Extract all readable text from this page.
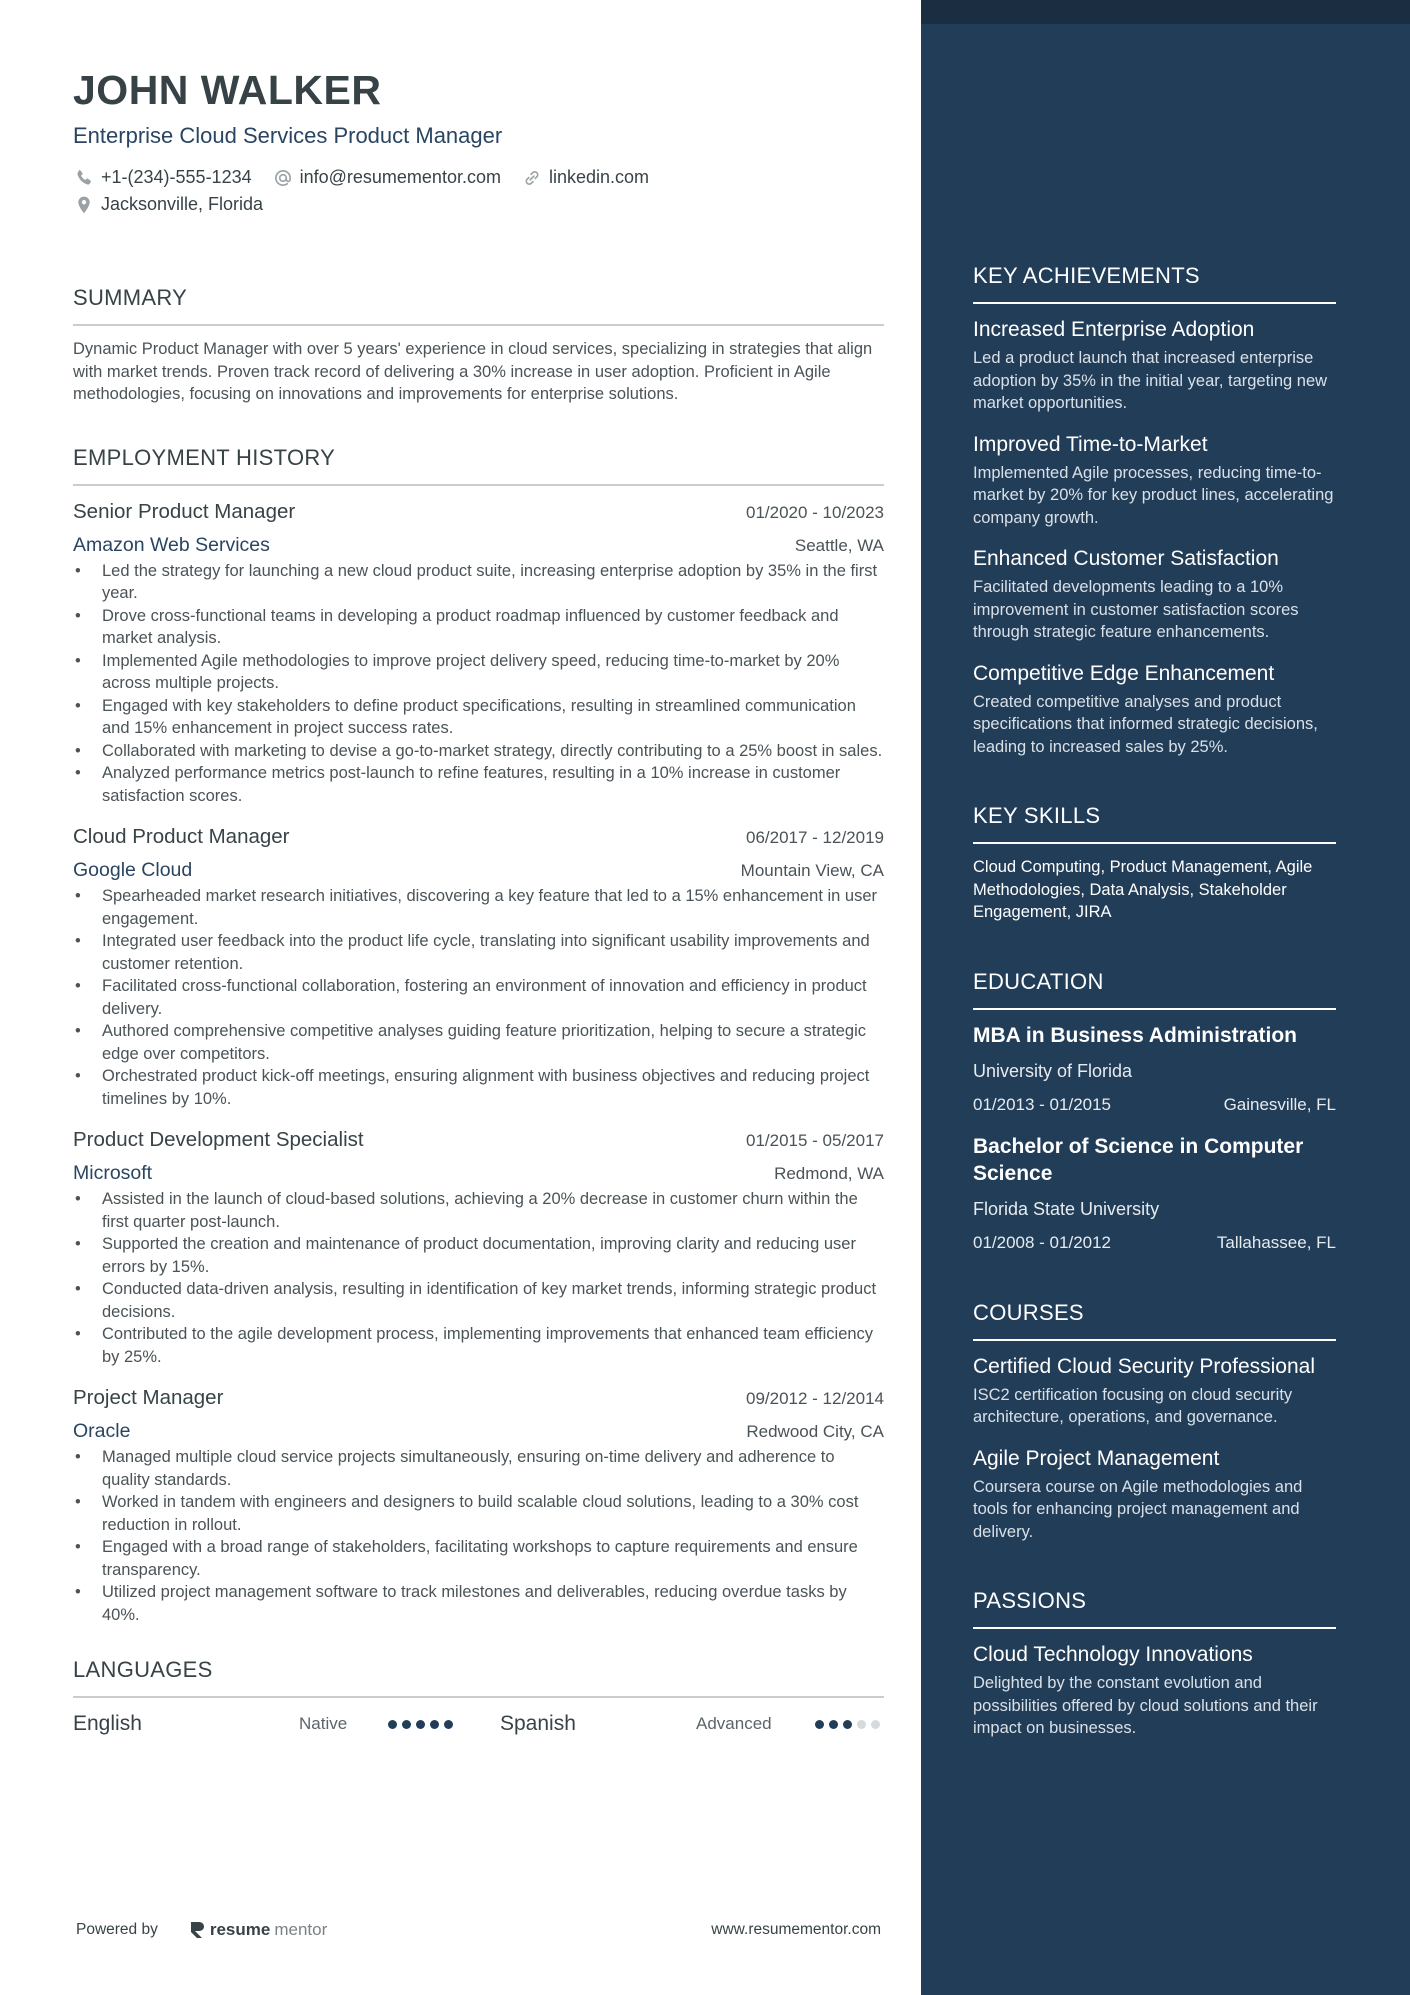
KEY ACHIEVEMENTS
Increased Enterprise Adoption
Led a product launch that increased enterprise adoption by 35% in the initial year, targeting new market opportunities.
Improved Time-to-Market
Implemented Agile processes, reducing time-to-market by 20% for key product lines, accelerating company growth.
Enhanced Customer Satisfaction
Facilitated developments leading to a 10% improvement in customer satisfaction scores through strategic feature enhancements.
Competitive Edge Enhancement
Created competitive analyses and product specifications that informed strategic decisions, leading to increased sales by 25%.
KEY SKILLS
Cloud Computing, Product Management, Agile Methodologies, Data Analysis, Stakeholder Engagement, JIRA
EDUCATION
MBA in Business Administration
University of Florida
01/2013 - 01/2015	Gainesville, FL
Bachelor of Science in Computer Science
Florida State University
01/2008 - 01/2012	Tallahassee, FL
COURSES
Certified Cloud Security Professional
ISC2 certification focusing on cloud security architecture, operations, and governance.
Agile Project Management
Coursera course on Agile methodologies and tools for enhancing project management and delivery.
PASSIONS
Cloud Technology Innovations
Delighted by the constant evolution and possibilities offered by cloud solutions and their impact on businesses.
JOHN WALKER
Enterprise Cloud Services Product Manager
+1-(234)-555-1234	info@resumementor.com	linkedin.com
Jacksonville, Florida
SUMMARY
Dynamic Product Manager with over 5 years' experience in cloud services, specializing in strategies that align with market trends. Proven track record of delivering a 30% increase in user adoption. Proficient in Agile methodologies, focusing on innovations and improvements for enterprise solutions.
EMPLOYMENT HISTORY
Senior Product Manager	01/2020 - 10/2023
Amazon Web Services	Seattle, WA
• Led the strategy for launching a new cloud product suite, increasing enterprise adoption by 35% in the first year.
• Drove cross-functional teams in developing a product roadmap influenced by customer feedback and market analysis.
• Implemented Agile methodologies to improve project delivery speed, reducing time-to-market by 20% across multiple projects.
• Engaged with key stakeholders to define product specifications, resulting in streamlined communication and 15% enhancement in project success rates.
• Collaborated with marketing to devise a go-to-market strategy, directly contributing to a 25% boost in sales.
• Analyzed performance metrics post-launch to refine features, resulting in a 10% increase in customer satisfaction scores.
Cloud Product Manager	06/2017 - 12/2019
Google Cloud	Mountain View, CA
• Spearheaded market research initiatives, discovering a key feature that led to a 15% enhancement in user engagement.
• Integrated user feedback into the product life cycle, translating into significant usability improvements and customer retention.
• Facilitated cross-functional collaboration, fostering an environment of innovation and efficiency in product delivery.
• Authored comprehensive competitive analyses guiding feature prioritization, helping to secure a strategic edge over competitors.
• Orchestrated product kick-off meetings, ensuring alignment with business objectives and reducing project timelines by 10%.
Product Development Specialist	01/2015 - 05/2017
Microsoft	Redmond, WA
• Assisted in the launch of cloud-based solutions, achieving a 20% decrease in customer churn within the first quarter post-launch.
• Supported the creation and maintenance of product documentation, improving clarity and reducing user errors by 15%.
• Conducted data-driven analysis, resulting in identification of key market trends, informing strategic product decisions.
• Contributed to the agile development process, implementing improvements that enhanced team efficiency by 25%.
Project Manager	09/2012 - 12/2014
Oracle	Redwood City, CA
• Managed multiple cloud service projects simultaneously, ensuring on-time delivery and adherence to quality standards.
• Worked in tandem with engineers and designers to build scalable cloud solutions, leading to a 30% cost reduction in rollout.
• Engaged with a broad range of stakeholders, facilitating workshops to capture requirements and ensure transparency.
• Utilized project management software to track milestones and deliverables, reducing overdue tasks by 40%.
LANGUAGES
English	Native	Spanish	Advanced
Powered by	resume mentor	www.resumementor.com
